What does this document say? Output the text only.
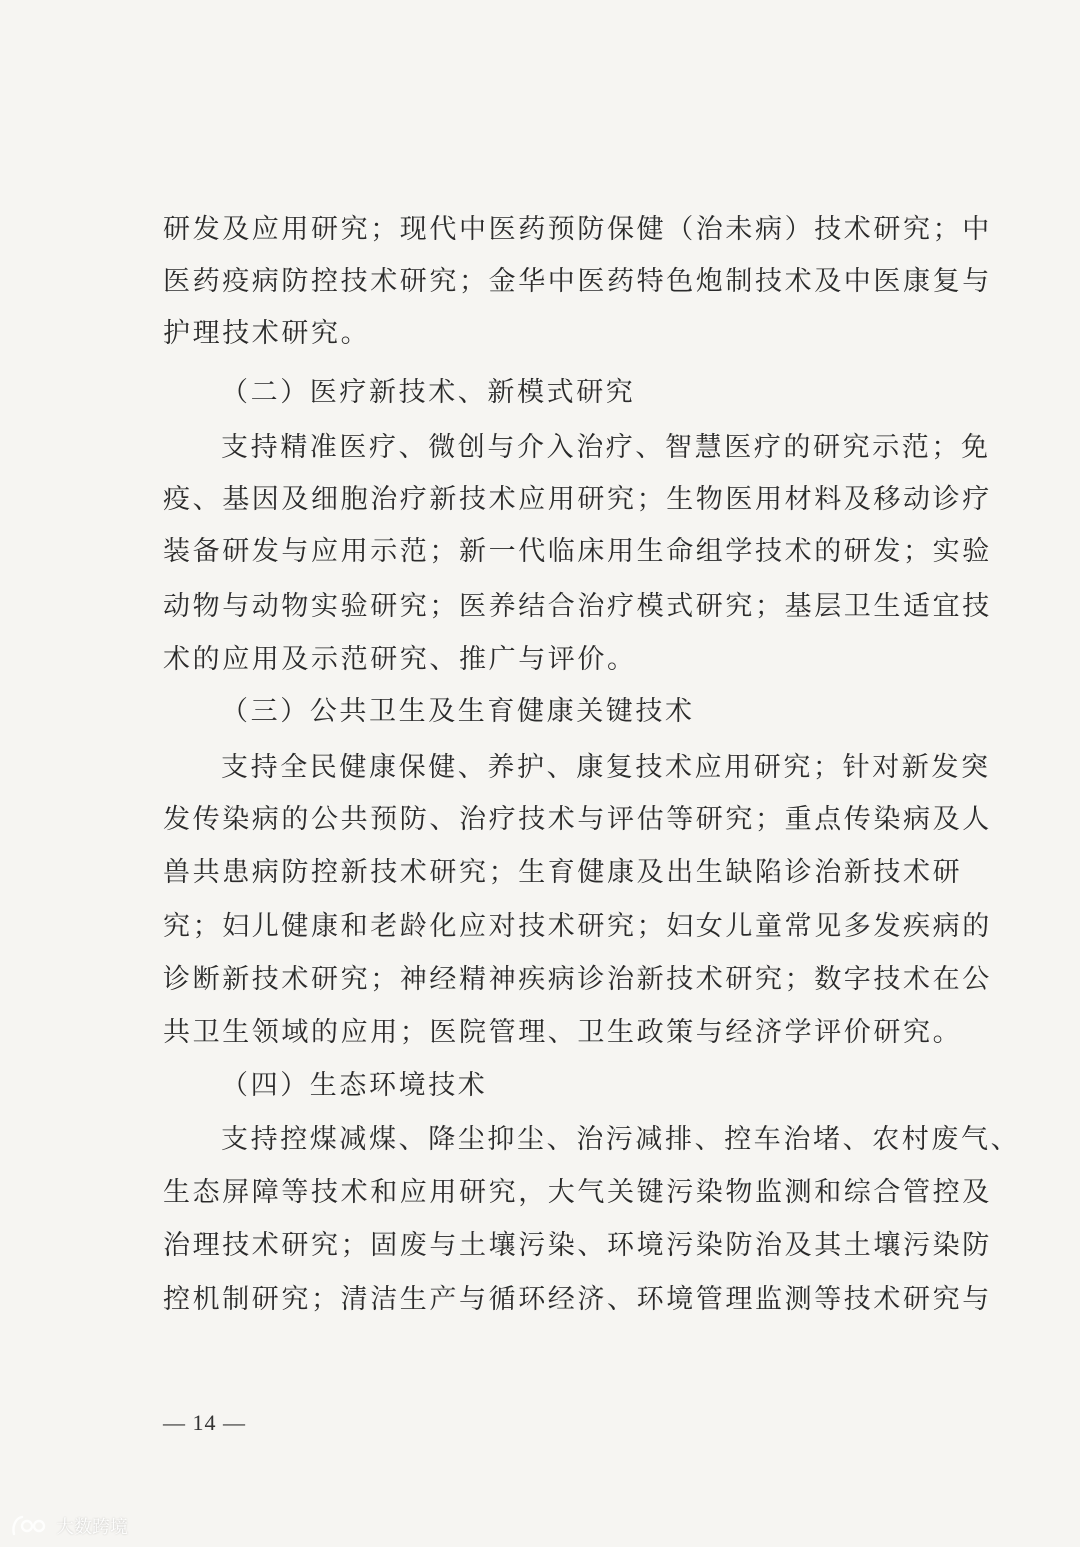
研发及应用研究；现代中医药预防保健（治未病）技术研究；中
医药疫病防控技术研究；金华中医药特色炮制技术及中医康复与
护理技术研究。
（二）医疗新技术、新模式研究
支持精准医疗、微创与介入治疗、智慧医疗的研究示范；免
疫、基因及细胞治疗新技术应用研究；生物医用材料及移动诊疗
装备研发与应用示范；新一代临床用生命组学技术的研发；实验
动物与动物实验研究；医养结合治疗模式研究；基层卫生适宜技
术的应用及示范研究、推广与评价。
（三）公共卫生及生育健康关键技术
支持全民健康保健、养护、康复技术应用研究；针对新发突
发传染病的公共预防、治疗技术与评估等研究；重点传染病及人
兽共患病防控新技术研究；生育健康及出生缺陷诊治新技术研
究；妇儿健康和老龄化应对技术研究；妇女儿童常见多发疾病的
诊断新技术研究；神经精神疾病诊治新技术研究；数字技术在公
共卫生领域的应用；医院管理、卫生政策与经济学评价研究。
（四）生态环境技术
支持控煤减煤、降尘抑尘、治污减排、控车治堵、农村废气、
生态屏障等技术和应用研究，大气关键污染物监测和综合管控及
治理技术研究；固废与土壤污染、环境污染防治及其土壤污染防
控机制研究；清洁生产与循环经济、环境管理监测等技术研究与
— 14 —
大数跨境
